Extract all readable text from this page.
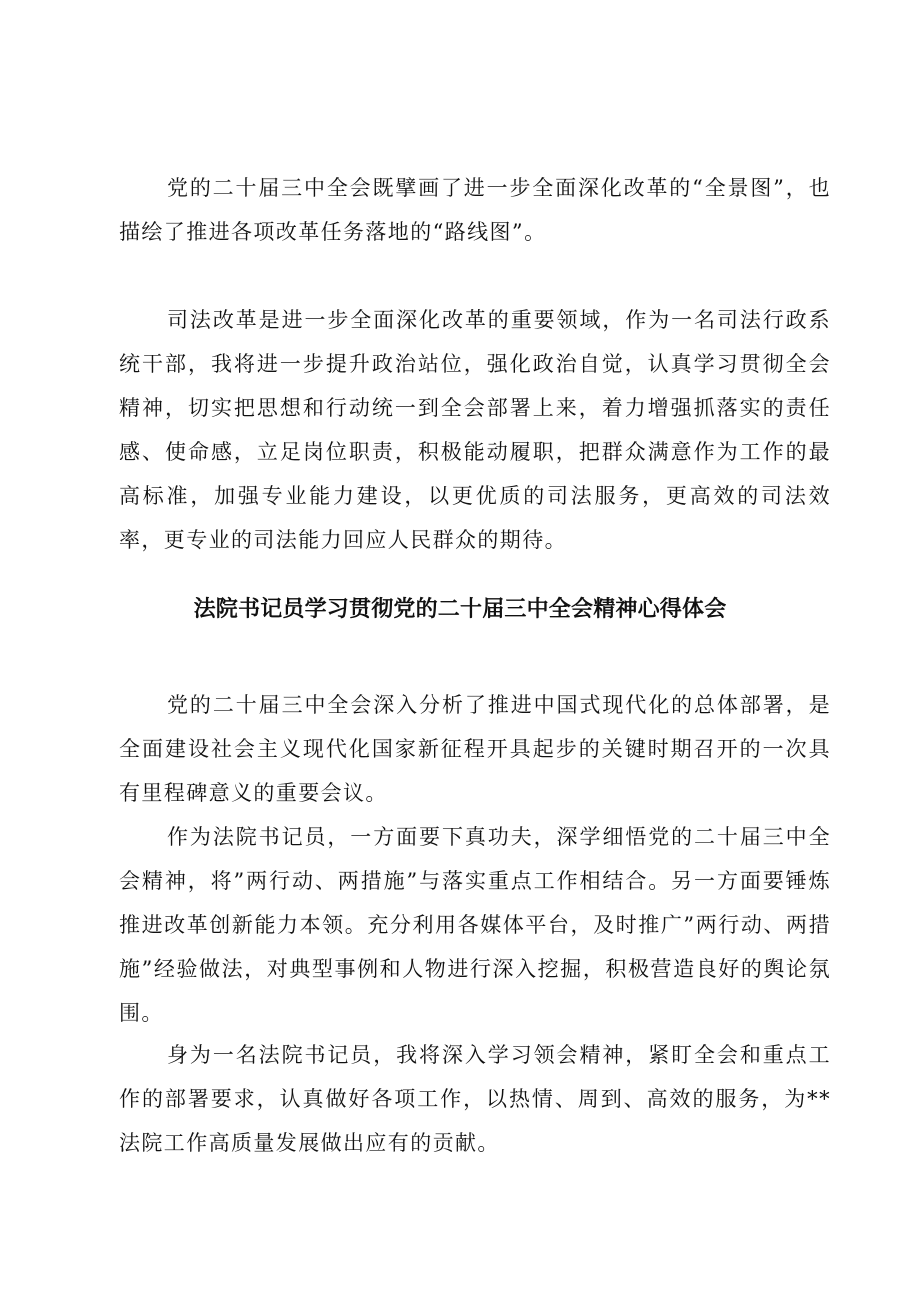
党的二十届三中全会既擘画了进一步全面深化改革的“全景图”，也描绘了推进各项改革任务落地的“路线图”。

司法改革是进一步全面深化改革的重要领域，作为一名司法行政系统干部，我将进一步提升政治站位，强化政治自觉，认真学习贯彻全会精神，切实把思想和行动统一到全会部署上来，着力增强抓落实的责任感、使命感，立足岗位职责，积极能动履职，把群众满意作为工作的最高标准，加强专业能力建设，以更优质的司法服务，更高效的司法效率，更专业的司法能力回应人民群众的期待。

法院书记员学习贯彻党的二十届三中全会精神心得体会

党的二十届三中全会深入分析了推进中国式现代化的总体部署，是全面建设社会主义现代化国家新征程开具起步的关键时期召开的一次具有里程碑意义的重要会议。

作为法院书记员，一方面要下真功夫，深学细悟党的二十届三中全会精神，将”两行动、两措施”与落实重点工作相结合。另一方面要锤炼推进改革创新能力本领。充分利用各媒体平台，及时推广”两行动、两措施”经验做法，对典型事例和人物进行深入挖掘，积极营造良好的舆论氛围。

身为一名法院书记员，我将深入学习领会精神，紧盯全会和重点工作的部署要求，认真做好各项工作，以热情、周到、高效的服务，为**法院工作高质量发展做出应有的贡献。
